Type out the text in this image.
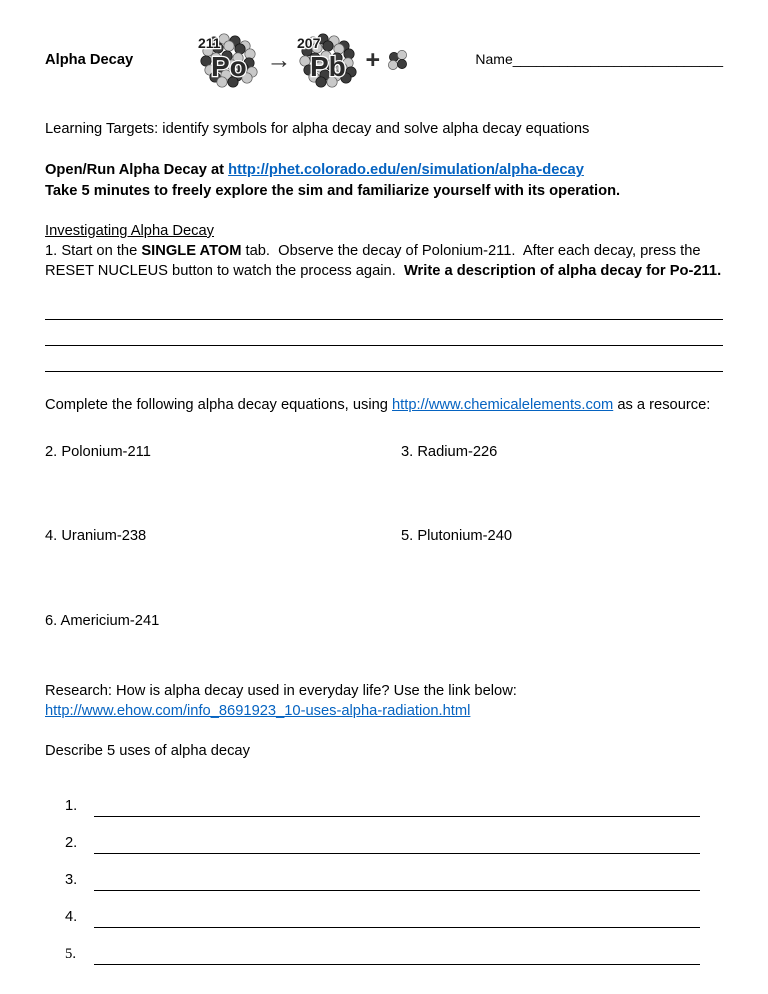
Alpha Decay
211
Po →
207
Pb +	Name___________________________

Learning Targets: identify symbols for alpha decay and solve alpha decay equations

Open/Run Alpha Decay at http://phet.colorado.edu/en/simulation/alpha-decay

Take 5 minutes to freely explore the sim and familiarize yourself with its operation.

Investigating Alpha Decay

1. Start on the SINGLE ATOM tab.  Observe the decay of Polonium-211.  After each decay, press the RESET NUCLEUS button to watch the process again.  Write a description of alpha decay for Po-211.

Complete the following alpha decay equations, using http://www.chemicalelements.com as a resource:

2. Polonium-211	3. Radium-226
4. Uranium-238	5. Plutonium-240
6. Americium-241

Research: How is alpha decay used in everyday life? Use the link below:

http://www.ehow.com/info_8691923_10-uses-alpha-radiation.html

Describe 5 uses of alpha decay

1.
2.
3.
4.
5.
